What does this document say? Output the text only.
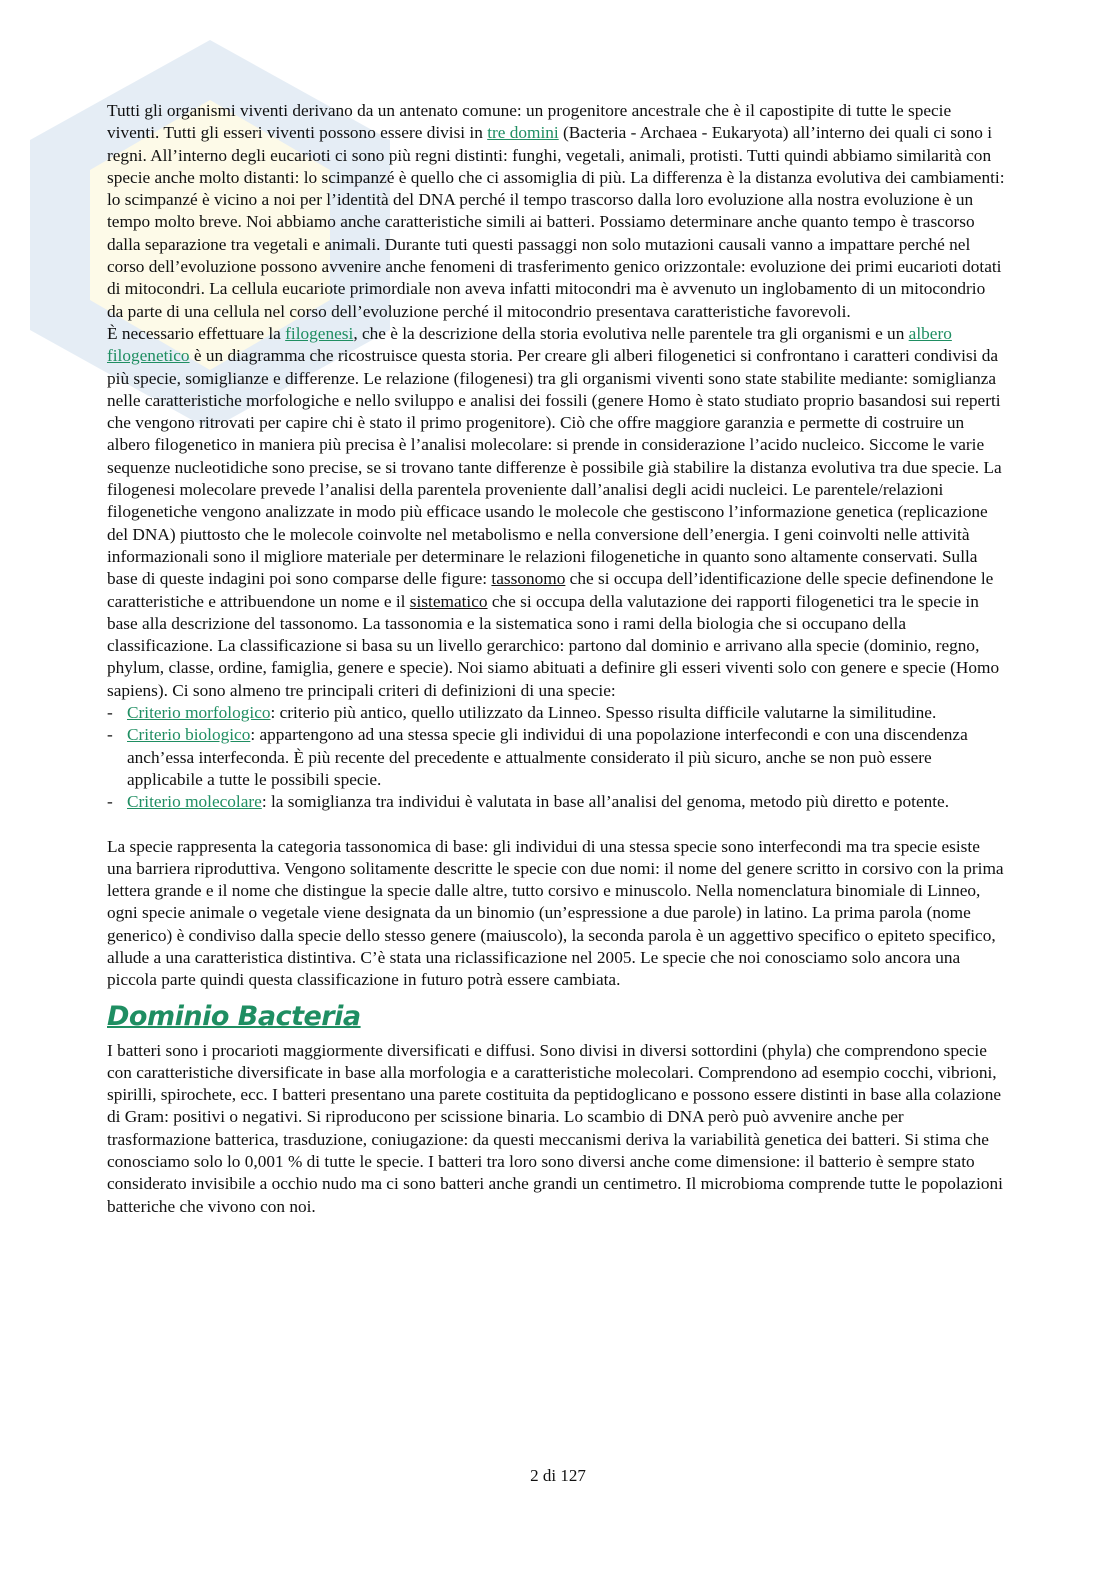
Tutti gli organismi viventi derivano da un antenato comune: un progenitore ancestrale che è il capostipite di tutte le specie viventi. Tutti gli esseri viventi possono essere divisi in tre domini (Bacteria - Archaea - Eukaryota) all’interno dei quali ci sono i regni. All’interno degli eucarioti ci sono più regni distinti: funghi, vegetali, animali, protisti. Tutti quindi abbiamo similarità con specie anche molto distanti: lo scimpanzé è quello che ci assomiglia di più. La differenza è la distanza evolutiva dei cambiamenti: lo scimpanzé è vicino a noi per l’identità del DNA perché il tempo trascorso dalla loro evoluzione alla nostra evoluzione è un tempo molto breve. Noi abbiamo anche caratteristiche simili ai batteri. Possiamo determinare anche quanto tempo è trascorso dalla separazione tra vegetali e animali. Durante tuti questi passaggi non solo mutazioni causali vanno a impattare perché nel corso dell’evoluzione possono avvenire anche fenomeni di trasferimento genico orizzontale: evoluzione dei primi eucarioti dotati di mitocondri. La cellula eucariote primordiale non aveva infatti mitocondri ma è avvenuto un inglobamento di un mitocondrio da parte di una cellula nel corso dell’evoluzione perché il mitocondrio presentava caratteristiche favorevoli.

È necessario effettuare la filogenesi, che è la descrizione della storia evolutiva nelle parentele tra gli organismi e un albero filogenetico è un diagramma che ricostruisce questa storia. Per creare gli alberi filogenetici si confrontano i caratteri condivisi da più specie, somiglianze e differenze. Le relazione (filogenesi) tra gli organismi viventi sono state stabilite mediante: somiglianza nelle caratteristiche morfologiche e nello sviluppo e analisi dei fossili (genere Homo è stato studiato proprio basandosi sui reperti che vengono ritrovati per capire chi è stato il primo progenitore). Ciò che offre maggiore garanzia e permette di costruire un albero filogenetico in maniera più precisa è l’analisi molecolare: si prende in considerazione l’acido nucleico. Siccome le varie sequenze nucleotidiche sono precise, se si trovano tante differenze è possibile già stabilire la distanza evolutiva tra due specie. La filogenesi molecolare prevede l’analisi della parentela proveniente dall’analisi degli acidi nucleici. Le parentele/relazioni filogenetiche vengono analizzate in modo più efficace usando le molecole che gestiscono l’informazione genetica (replicazione del DNA) piuttosto che le molecole coinvolte nel metabolismo e nella conversione dell’energia. I geni coinvolti nelle attività informazionali sono il migliore materiale per determinare le relazioni filogenetiche in quanto sono altamente conservati. Sulla base di queste indagini poi sono comparse delle figure: tassonomo che si occupa dell’identificazione delle specie definendone le caratteristiche e attribuendone un nome e il sistematico che si occupa della valutazione dei rapporti filogenetici tra le specie in base alla descrizione del tassonomo. La tassonomia e la sistematica sono i rami della biologia che si occupano della classificazione. La classificazione si basa su un livello gerarchico: partono dal dominio e arrivano alla specie (dominio, regno, phylum, classe, ordine, famiglia, genere e specie). Noi siamo abituati a definire gli esseri viventi solo con genere e specie (Homo sapiens). Ci sono almeno tre principali criteri di definizioni di una specie:

- Criterio morfologico: criterio più antico, quello utilizzato da Linneo. Spesso risulta difficile valutarne la similitudine.
- Criterio biologico: appartengono ad una stessa specie gli individui di una popolazione interfecondi e con una discendenza anch’essa interfeconda. È più recente del precedente e attualmente considerato il più sicuro, anche se non può essere applicabile a tutte le possibili specie.
- Criterio molecolare: la somiglianza tra individui è valutata in base all’analisi del genoma, metodo più diretto e potente.

La specie rappresenta la categoria tassonomica di base: gli individui di una stessa specie sono interfecondi ma tra specie esiste una barriera riproduttiva. Vengono solitamente descritte le specie con due nomi: il nome del genere scritto in corsivo con la prima lettera grande e il nome che distingue la specie dalle altre, tutto corsivo e minuscolo. Nella nomenclatura binomiale di Linneo, ogni specie animale o vegetale viene designata da un binomio (un’espressione a due parole) in latino. La prima parola (nome generico) è condiviso dalla specie dello stesso genere (maiuscolo), la seconda parola è un aggettivo specifico o epiteto specifico, allude a una caratteristica distintiva. C’è stata una riclassificazione nel 2005. Le specie che noi conosciamo solo ancora una piccola parte quindi questa classificazione in futuro potrà essere cambiata.

Dominio Bacteria

I batteri sono i procarioti maggiormente diversificati e diffusi. Sono divisi in diversi sottordini (phyla) che comprendono specie con caratteristiche diversificate in base alla morfologia e a caratteristiche molecolari. Comprendono ad esempio cocchi, vibrioni, spirilli, spirochete, ecc. I batteri presentano una parete costituita da peptidoglicano e possono essere distinti in base alla colazione di Gram: positivi o negativi. Si riproducono per scissione binaria. Lo scambio di DNA però può avvenire anche per trasformazione batterica, trasduzione, coniugazione: da questi meccanismi deriva la variabilità genetica dei batteri. Si stima che conosciamo solo lo 0,001 % di tutte le specie. I batteri tra loro sono diversi anche come dimensione: il batterio è sempre stato considerato invisibile a occhio nudo ma ci sono batteri anche grandi un centimetro. Il microbioma comprende tutte le popolazioni batteriche che vivono con noi.

2 di 127
